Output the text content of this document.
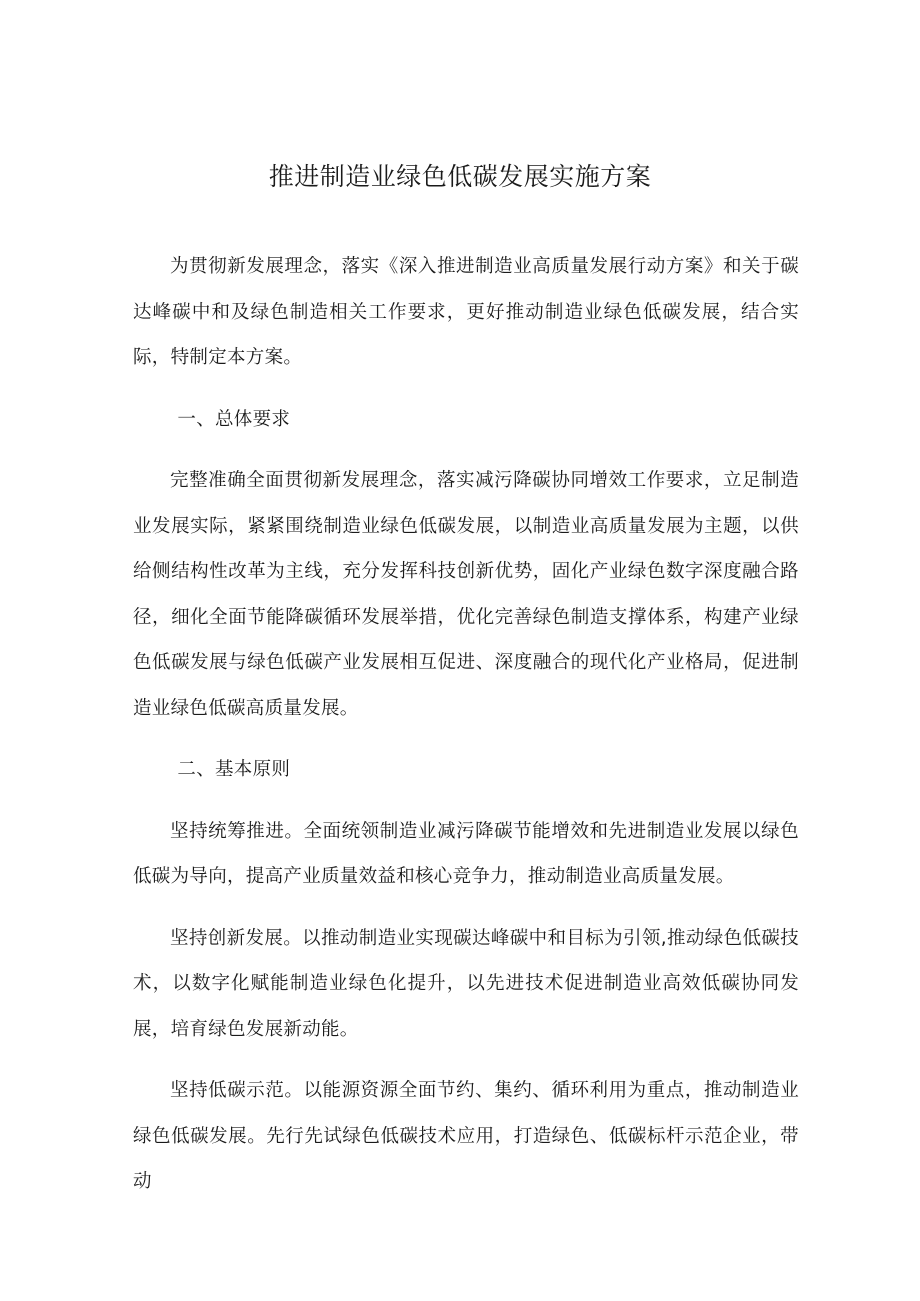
推进制造业绿色低碳发展实施方案

为贯彻新发展理念，落实《深入推进制造业高质量发展行动方案》和关于碳达峰碳中和及绿色制造相关工作要求，更好推动制造业绿色低碳发展，结合实际，特制定本方案。

一、总体要求

完整准确全面贯彻新发展理念，落实减污降碳协同增效工作要求，立足制造业发展实际，紧紧围绕制造业绿色低碳发展，以制造业高质量发展为主题，以供给侧结构性改革为主线，充分发挥科技创新优势，固化产业绿色数字深度融合路径，细化全面节能降碳循环发展举措，优化完善绿色制造支撑体系，构建产业绿色低碳发展与绿色低碳产业发展相互促进、深度融合的现代化产业格局，促进制造业绿色低碳高质量发展。

二、基本原则

坚持统筹推进。全面统领制造业减污降碳节能增效和先进制造业发展以绿色低碳为导向，提高产业质量效益和核心竞争力，推动制造业高质量发展。

坚持创新发展。以推动制造业实现碳达峰碳中和目标为引领,推动绿色低碳技术，以数字化赋能制造业绿色化提升，以先进技术促进制造业高效低碳协同发展，培育绿色发展新动能。

坚持低碳示范。以能源资源全面节约、集约、循环利用为重点，推动制造业绿色低碳发展。先行先试绿色低碳技术应用，打造绿色、低碳标杆示范企业，带动
